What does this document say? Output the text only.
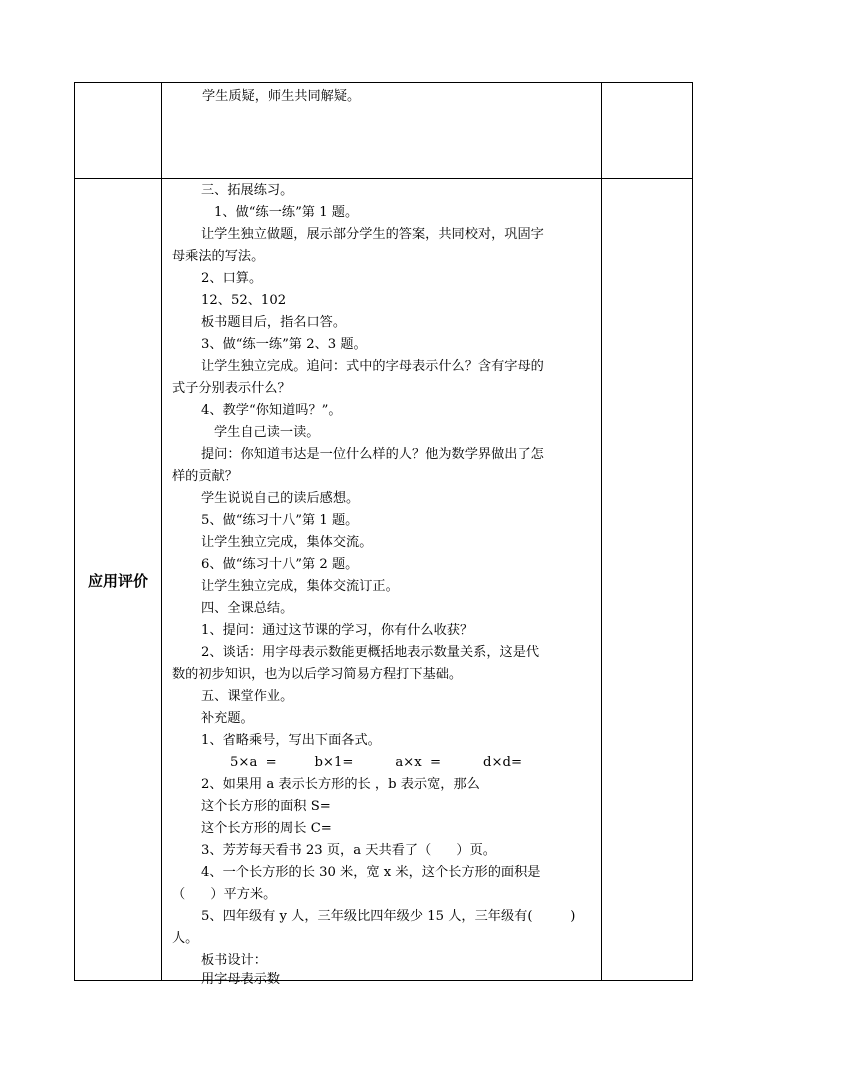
学生质疑，师生共同解疑。
应用评价
三、拓展练习。
1、做“练一练”第 1 题。
让学生独立做题，展示部分学生的答案，共同校对，巩固字
母乘法的写法。
2、口算。
12、52、102
板书题目后，指名口答。
3、做“练一练”第 2、3 题。
让学生独立完成。追问：式中的字母表示什么？含有字母的
式子分别表示什么？
4、教学“你知道吗？”。
学生自己读一读。
提问：你知道韦达是一位什么样的人？他为数学界做出了怎
样的贡献？
学生说说自己的读后感想。
5、做“练习十八”第 1 题。
让学生独立完成，集体交流。
6、做“练习十八”第 2 题。
让学生独立完成，集体交流订正。
四、全课总结。
1、提问：通过这节课的学习，你有什么收获？
2、谈话：用字母表示数能更概括地表示数量关系，这是代
数的初步知识，也为以后学习简易方程打下基础。
五、课堂作业。
补充题。
1、省略乘号，写出下面各式。
5×a  =         b×1=          a×x  =          d×d=
2、如果用 a 表示长方形的长 ，b 表示宽，那么
这个长方形的面积 S=
这个长方形的周长 C=
3、芳芳每天看书 23 页，a 天共看了（      ）页。
4、一个长方形的长 30 米，宽 x 米，这个长方形的面积是
（      ）平方米。
5、四年级有 y 人，三年级比四年级少 15 人，三年级有(         )
人。
板书设计：
用字母表示数
